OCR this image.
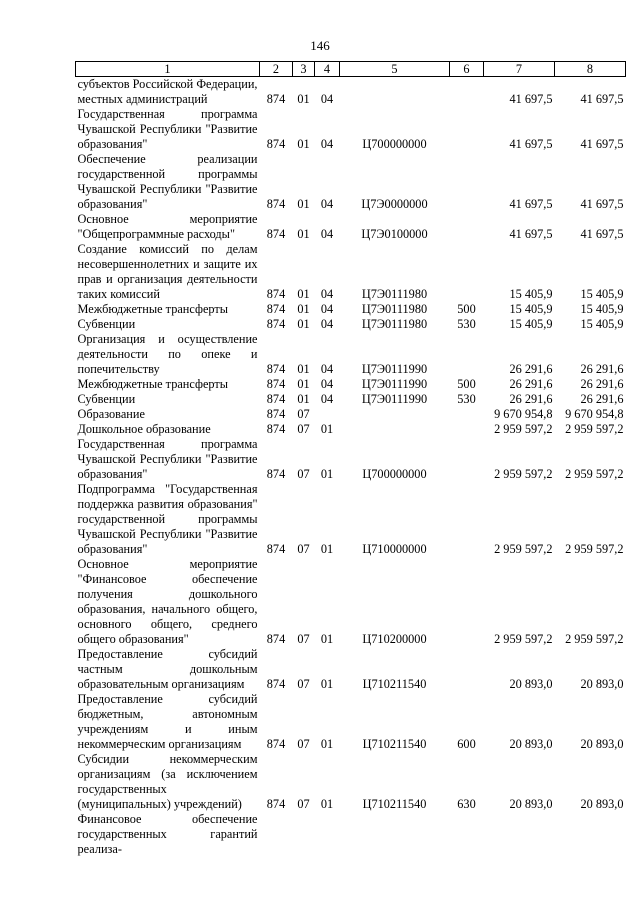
146
1	2	3	4	5	6	7	8
субъектов Российской Федерации, местных администраций	874	01	04			41 697,5	41 697,5
Государственная программа Чувашской Республики "Развитие образования"	874	01	04	Ц700000000		41 697,5	41 697,5
Обеспечение реализации государственной программы Чувашской Республики "Развитие образования"	874	01	04	Ц7Э0000000		41 697,5	41 697,5
Основное мероприятие "Общепрограммные расходы"	874	01	04	Ц7Э0100000		41 697,5	41 697,5
Создание комиссий по делам несовершеннолетних и защите их прав и организация деятельности таких комиссий	874	01	04	Ц7Э0111980		15 405,9	15 405,9
Межбюджетные трансферты	874	01	04	Ц7Э0111980	500	15 405,9	15 405,9
Субвенции	874	01	04	Ц7Э0111980	530	15 405,9	15 405,9
Организация и осуществление деятельности по опеке и попечительству	874	01	04	Ц7Э0111990		26 291,6	26 291,6
Межбюджетные трансферты	874	01	04	Ц7Э0111990	500	26 291,6	26 291,6
Субвенции	874	01	04	Ц7Э0111990	530	26 291,6	26 291,6
Образование	874	07				9 670 954,8	9 670 954,8
Дошкольное образование	874	07	01			2 959 597,2	2 959 597,2
Государственная программа Чувашской Республики "Развитие образования"	874	07	01	Ц700000000		2 959 597,2	2 959 597,2
Подпрограмма "Государственная поддержка развития образования" государственной программы Чувашской Республики "Развитие образования"	874	07	01	Ц710000000		2 959 597,2	2 959 597,2
Основное мероприятие "Финансовое обеспечение получения дошкольного образования, начального общего, основного общего, среднего общего образования"	874	07	01	Ц710200000		2 959 597,2	2 959 597,2
Предоставление субсидий частным дошкольным образовательным организациям	874	07	01	Ц710211540		20 893,0	20 893,0
Предоставление субсидий бюджетным, автономным учреждениям и иным некоммерческим организациям	874	07	01	Ц710211540	600	20 893,0	20 893,0
Субсидии некоммерческим организациям (за исключением государственных (муниципальных) учреждений)	874	07	01	Ц710211540	630	20 893,0	20 893,0
Финансовое обеспечение государственных гарантий реализа-							
